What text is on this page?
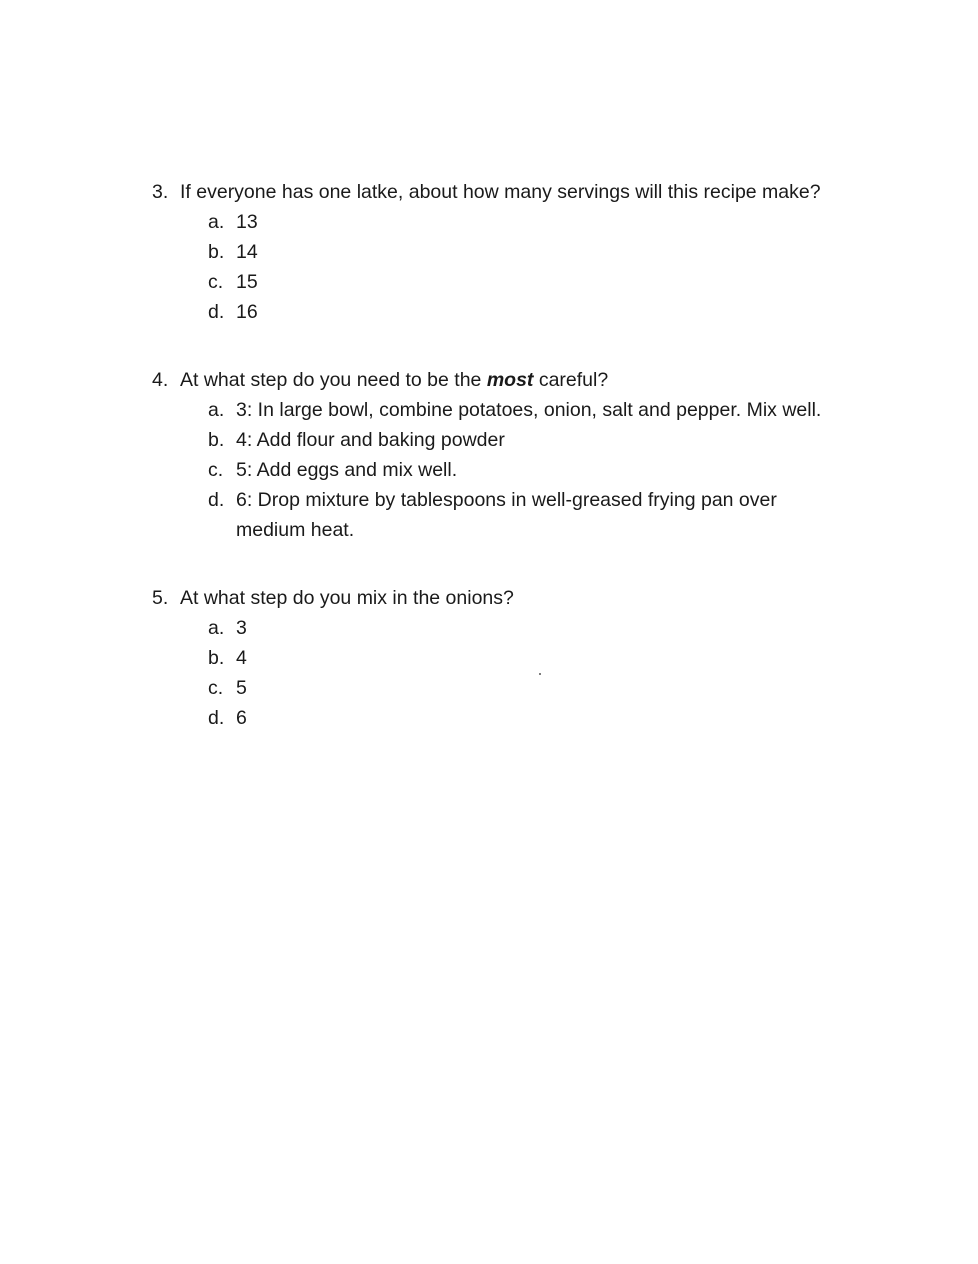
3. If everyone has one latke, about how many servings will this recipe make?
a. 13
b. 14
c. 15
d. 16
4. At what step do you need to be the most careful?
a. 3: In large bowl, combine potatoes, onion, salt and pepper. Mix well.
b. 4: Add flour and baking powder
c. 5: Add eggs and mix well.
d. 6: Drop mixture by tablespoons in well-greased frying pan over medium heat.
5. At what step do you mix in the onions?
a. 3
b. 4
c. 5
d. 6
